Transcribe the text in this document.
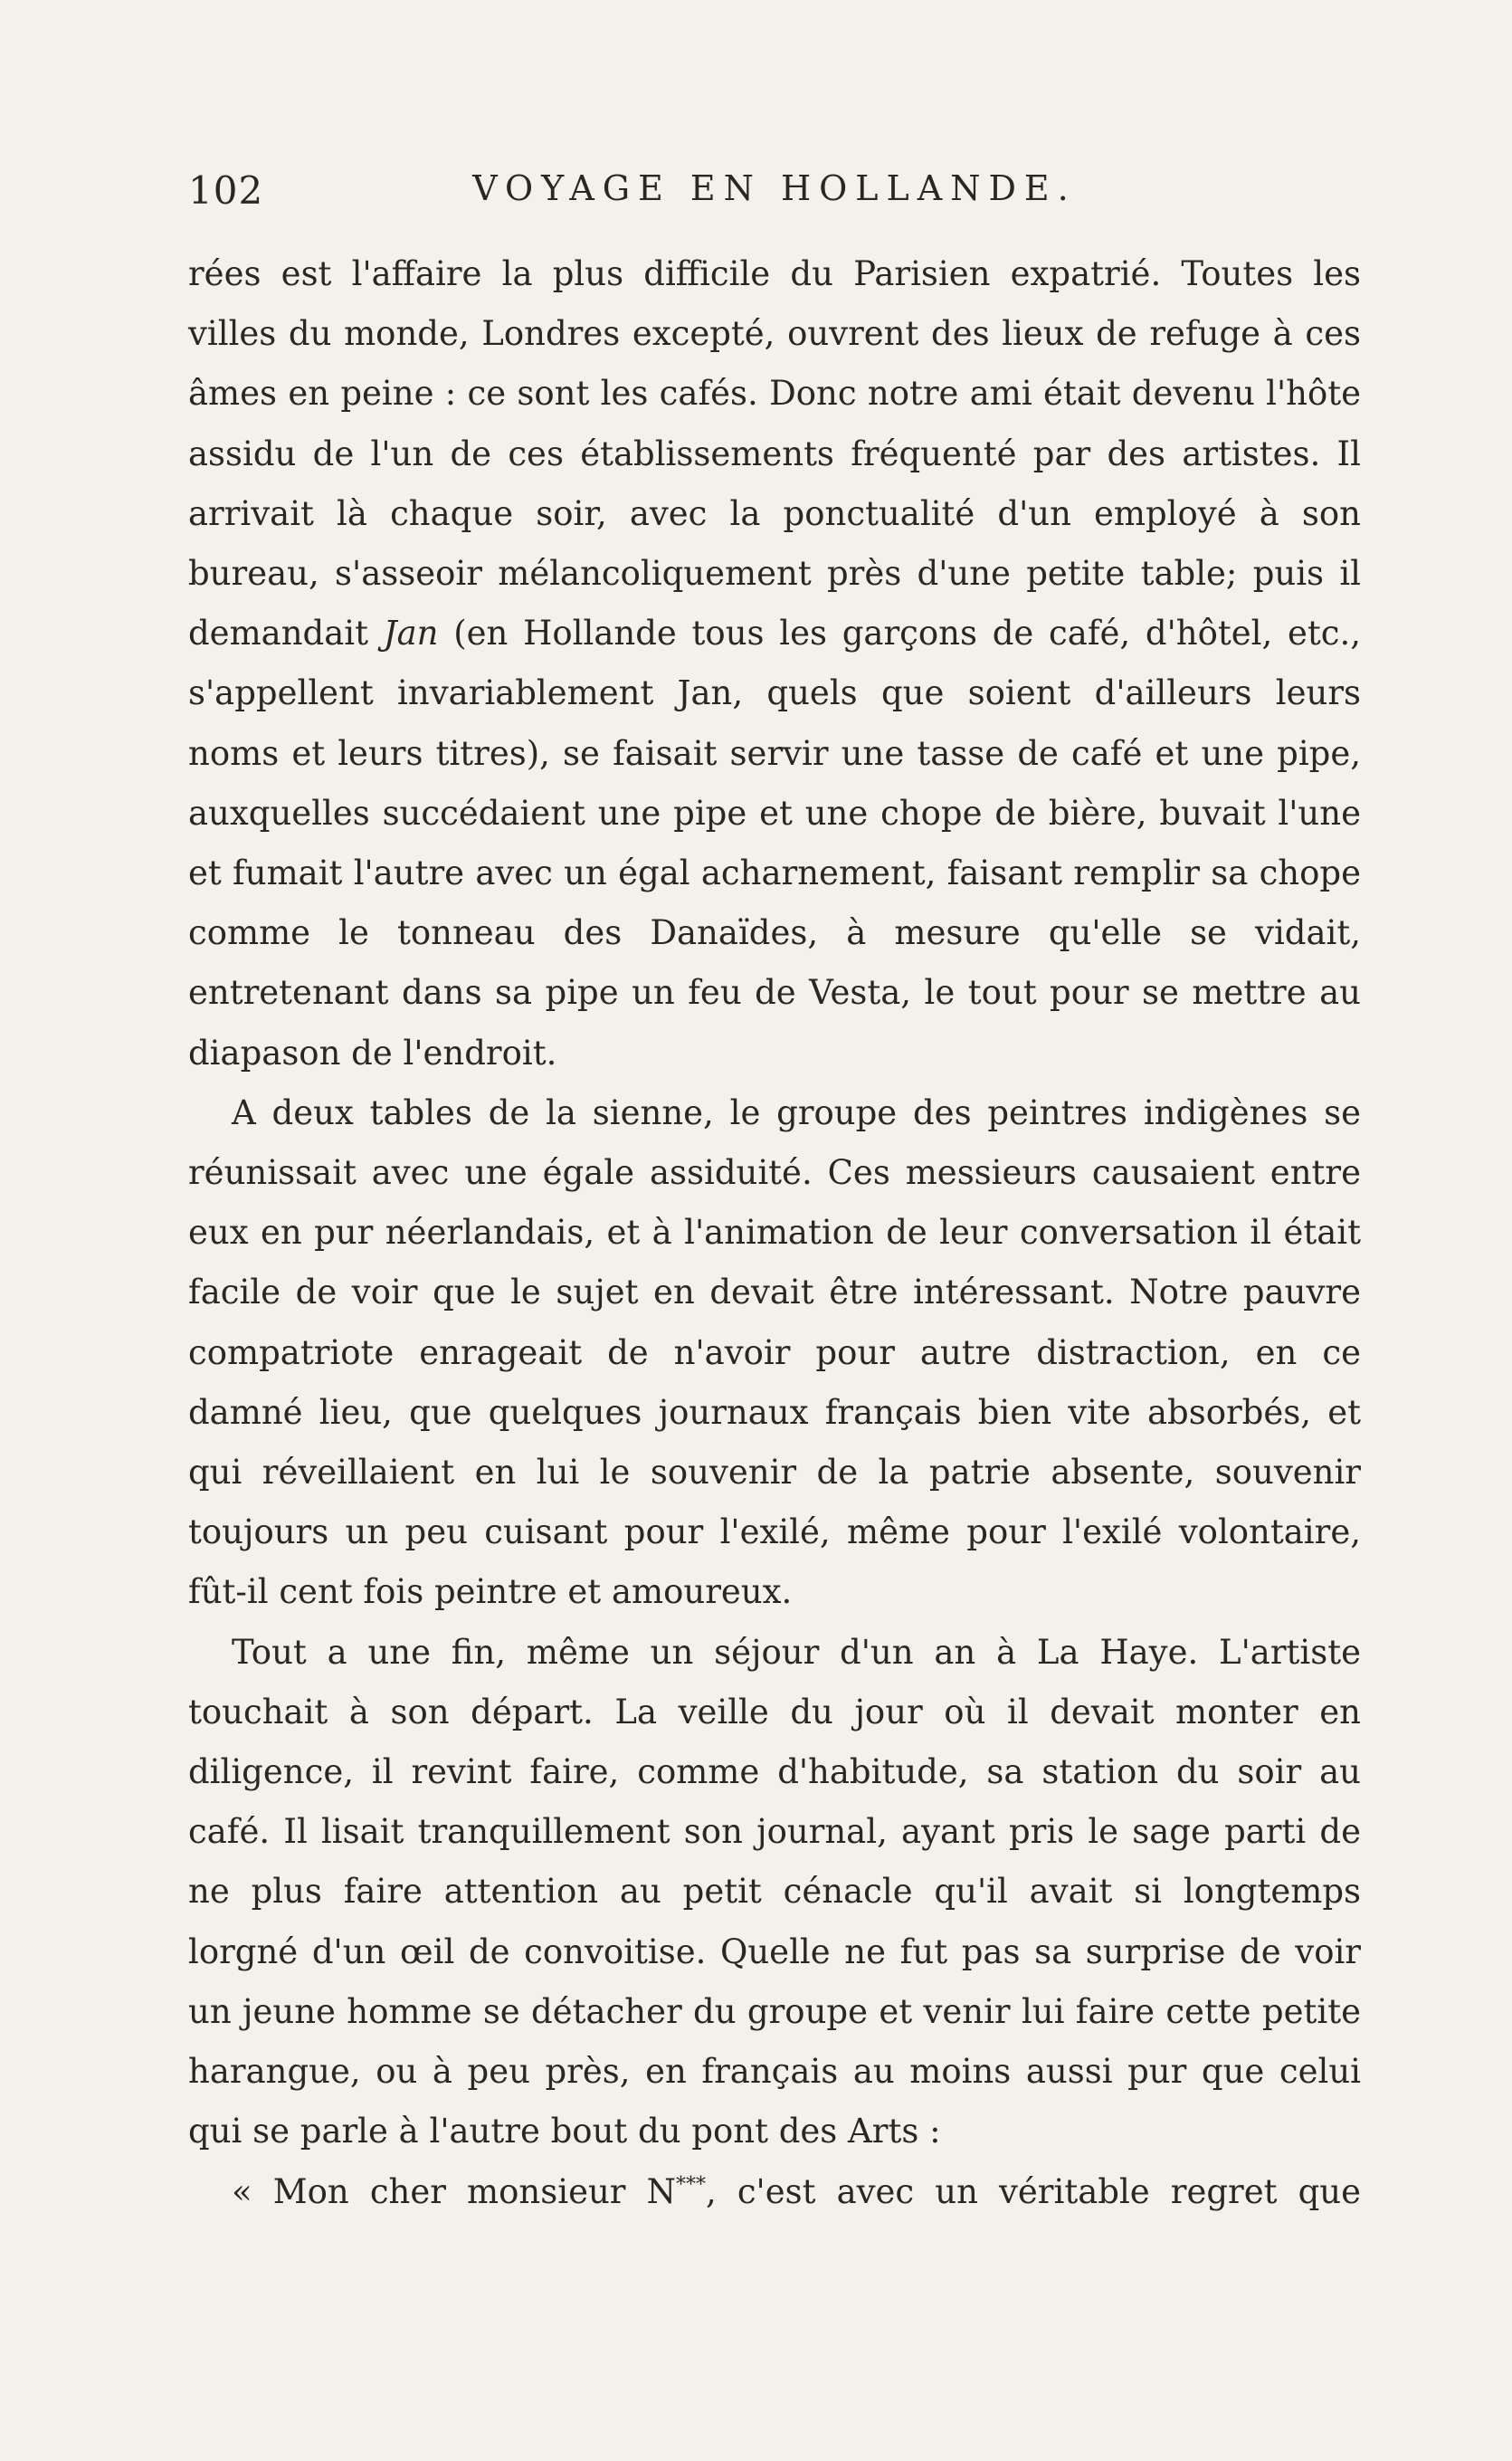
102	VOYAGE EN HOLLANDE.

rées est l'affaire la plus difficile du Parisien expatrié. Toutes les villes du monde, Londres excepté, ouvrent des lieux de refuge à ces âmes en peine : ce sont les cafés. Donc notre ami était devenu l'hôte assidu de l'un de ces établissements fréquenté par des artistes. Il arrivait là chaque soir, avec la ponctualité d'un employé à son bureau, s'asseoir mélancoliquement près d'une petite table; puis il demandait Jan (en Hollande tous les garçons de café, d'hôtel, etc., s'appellent invariablement Jan, quels que soient d'ailleurs leurs noms et leurs titres), se faisait servir une tasse de café et une pipe, auxquelles succédaient une pipe et une chope de bière, buvait l'une et fumait l'autre avec un égal acharnement, faisant remplir sa chope comme le tonneau des Danaïdes, à mesure qu'elle se vidait, entretenant dans sa pipe un feu de Vesta, le tout pour se mettre au diapason de l'endroit.

A deux tables de la sienne, le groupe des peintres indigènes se réunissait avec une égale assiduité. Ces messieurs causaient entre eux en pur néerlandais, et à l'animation de leur conversation il était facile de voir que le sujet en devait être intéressant. Notre pauvre compatriote enrageait de n'avoir pour autre distraction, en ce damné lieu, que quelques journaux français bien vite absorbés, et qui réveillaient en lui le souvenir de la patrie absente, souvenir toujours un peu cuisant pour l'exilé, même pour l'exilé volontaire, fût-il cent fois peintre et amoureux.

Tout a une fin, même un séjour d'un an à La Haye. L'artiste touchait à son départ. La veille du jour où il devait monter en diligence, il revint faire, comme d'habitude, sa station du soir au café. Il lisait tranquillement son journal, ayant pris le sage parti de ne plus faire attention au petit cénacle qu'il avait si longtemps lorgné d'un œil de convoitise. Quelle ne fut pas sa surprise de voir un jeune homme se détacher du groupe et venir lui faire cette petite harangue, ou à peu près, en français au moins aussi pur que celui qui se parle à l'autre bout du pont des Arts :

« Mon cher monsieur N***, c'est avec un véritable regret que
